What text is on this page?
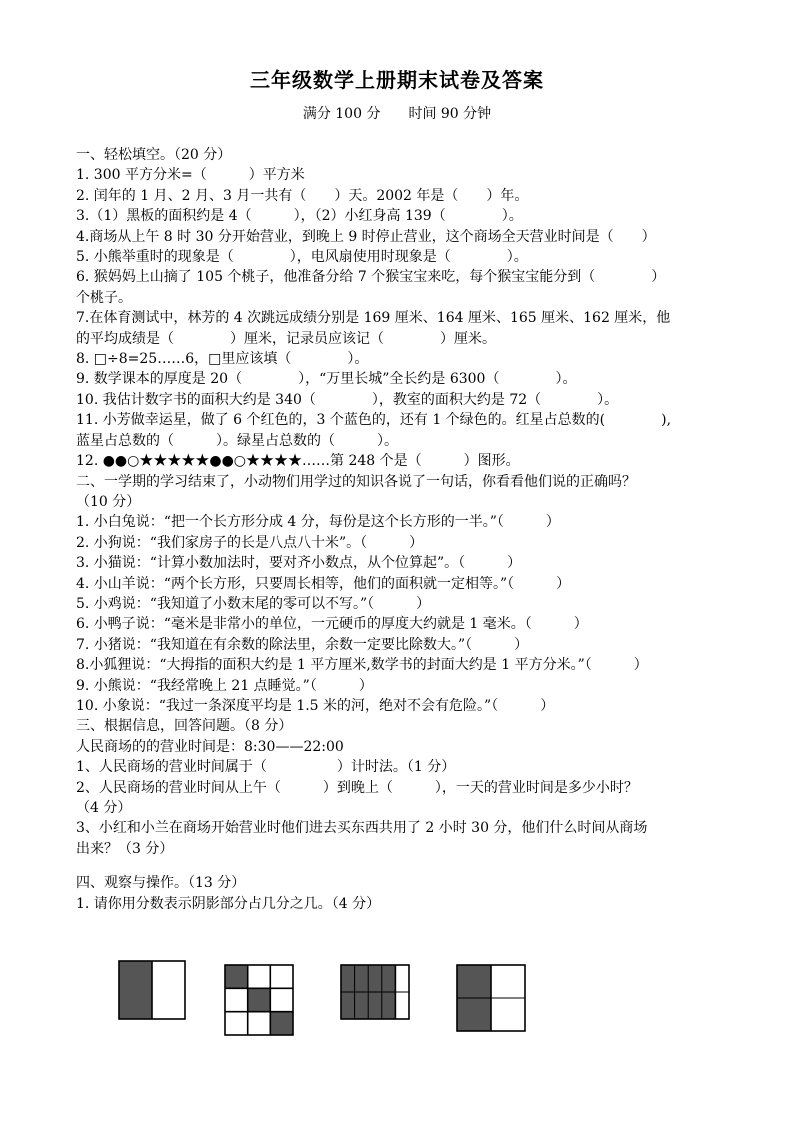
三年级数学上册期末试卷及答案
满分 100 分　　时间 90 分钟
一、轻松填空。（20 分）
1. 300 平方分米=（　　　）平方米
2. 闰年的 1 月、2 月、3 月一共有（　　）天。2002 年是（　　）年。
3.（1）黑板的面积约是 4（　　　），（2）小红身高 139（　　　　）。
4.商场从上午 8 时 30 分开始营业，到晚上 9 时停止营业，这个商场全天营业时间是（　　）
5. 小熊举重时的现象是（　　　　），电风扇使用时现象是（　　　　）。
6. 猴妈妈上山摘了 105 个桃子，他准备分给 7 个猴宝宝来吃，每个猴宝宝能分到（　　　　）
个桃子。
7.在体育测试中，林芳的 4 次跳远成绩分别是 169 厘米、164 厘米、165 厘米、162 厘米，他
的平均成绩是（　　　　）厘米，记录员应该记（　　　　）厘米。
8. □÷8=25……6，□里应该填（　　　　）。
9. 数学课本的厚度是 20（　　　　），“万里长城”全长约是 6300（　　　　）。
10. 我估计数字书的面积大约是 340（　　　　），教室的面积大约是 72（　　　　）。
11. 小芳做幸运星，做了 6 个红色的，3 个蓝色的，还有 1 个绿色的。红星占总数的(　　　　),
蓝星占总数的（　　　）。绿星占总数的（　　　）。
12. ●●○★★★★★●●○★★★★……第 248 个是（　　　）图形。
二、一学期的学习结束了，小动物们用学过的知识各说了一句话，你看看他们说的正确吗？
（10 分）
1. 小白兔说：“把一个长方形分成 4 分，每份是这个长方形的一半。”（　　　）
2. 小狗说：“我们家房子的长是八点八十米”。（　　　）
3. 小猫说：“计算小数加法时，要对齐小数点，从个位算起”。（　　　）
4. 小山羊说：“两个长方形，只要周长相等，他们的面积就一定相等。”（　　　）
5. 小鸡说：“我知道了小数末尾的零可以不写。”（　　　）
6. 小鸭子说：“毫米是非常小的单位，一元硬币的厚度大约就是 1 毫米。（　　　）
7. 小猪说：“我知道在有余数的除法里，余数一定要比除数大。”（　　　）
8.小狐狸说：“大拇指的面积大约是 1 平方厘米,数学书的封面大约是 1 平方分米。”（　　　）
9. 小熊说：“我经常晚上 21 点睡觉。”（　　　）
10. 小象说：“我过一条深度平均是 1.5 米的河，绝对不会有危险。”（　　　）
三、根据信息，回答问题。（8 分）
人民商场的的营业时间是：8:30——22:00
1、人民商场的营业时间属于（　　　　　）计时法。（1 分）
2、人民商场的营业时间从上午（　　　）到晚上（　　　），一天的营业时间是多少小时？
（4 分）
3、小红和小兰在商场开始营业时他们进去买东西共用了 2 小时 30 分，他们什么时间从商场
出来？（3 分）
四、观察与操作。（13 分）
1. 请你用分数表示阴影部分占几分之几。（4 分）
